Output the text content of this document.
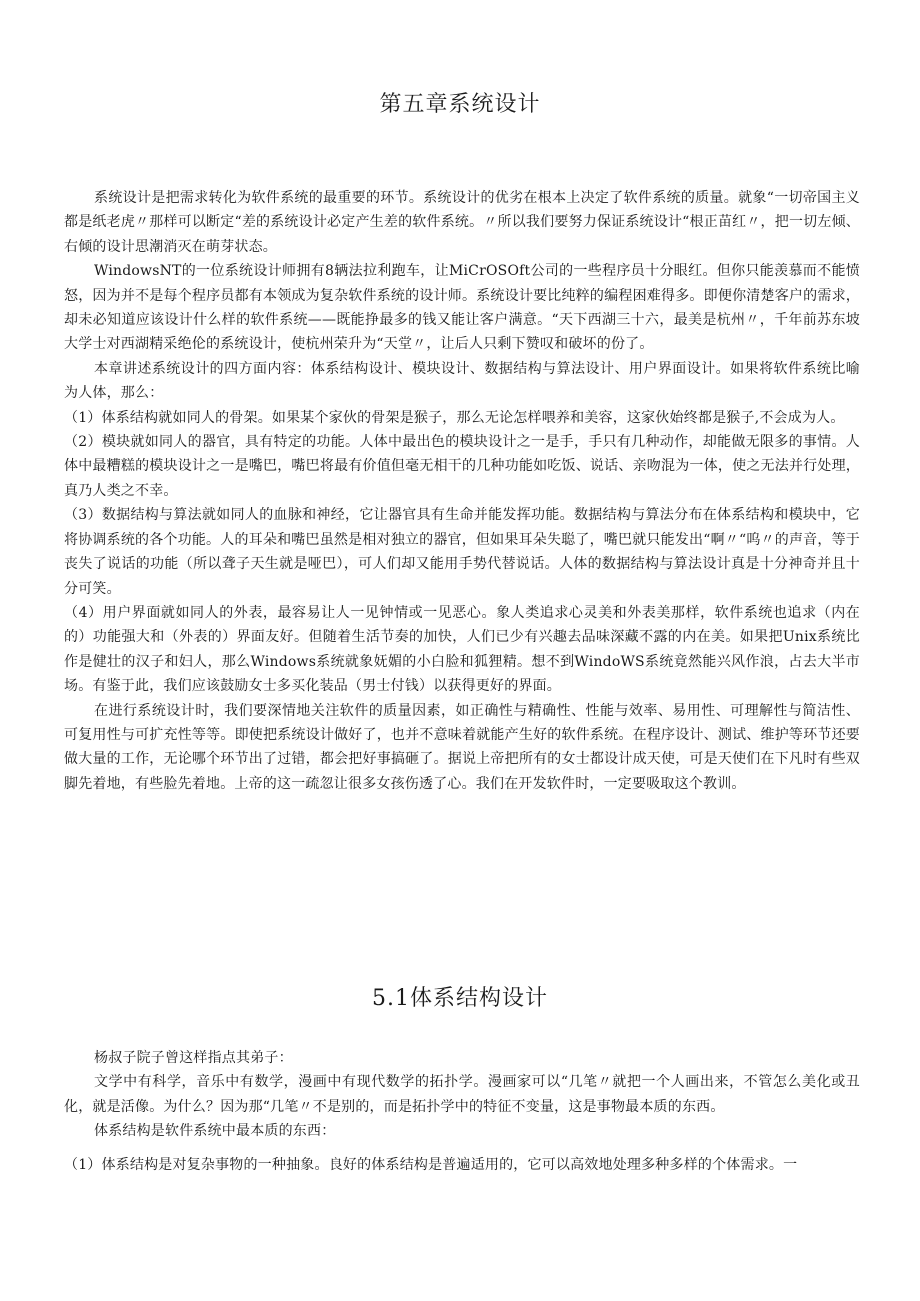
第五章系统设计

系统设计是把需求转化为软件系统的最重要的环节。系统设计的优劣在根本上决定了软件系统的质量。就象“一切帝国主义都是纸老虎〃那样可以断定“差的系统设计必定产生差的软件系统。〃所以我们要努力保证系统设计“根正苗红〃，把一切左倾、右倾的设计思潮消灭在萌芽状态。

WindowsNT的一位系统设计师拥有8辆法拉利跑车，让MiCrOSOft公司的一些程序员十分眼红。但你只能羡慕而不能愤怒，因为并不是每个程序员都有本领成为复杂软件系统的设计师。系统设计要比纯粹的编程困难得多。即便你清楚客户的需求，却未必知道应该设计什么样的软件系统——既能挣最多的钱又能让客户满意。“天下西湖三十六，最美是杭州〃，千年前苏东坡大学士对西湖精采绝伦的系统设计，使杭州荣升为“天堂〃，让后人只剩下赞叹和破坏的份了。

本章讲述系统设计的四方面内容：体系结构设计、模块设计、数据结构与算法设计、用户界面设计。如果将软件系统比喻为人体，那么：

（1）体系结构就如同人的骨架。如果某个家伙的骨架是猴子，那么无论怎样喂养和美容，这家伙始终都是猴子,不会成为人。

（2）模块就如同人的器官，具有特定的功能。人体中最出色的模块设计之一是手，手只有几种动作，却能做无限多的事情。人体中最糟糕的模块设计之一是嘴巴，嘴巴将最有价值但毫无相干的几种功能如吃饭、说话、亲吻混为一体，使之无法并行处理，真乃人类之不幸。

（3）数据结构与算法就如同人的血脉和神经，它让器官具有生命并能发挥功能。数据结构与算法分布在体系结构和模块中，它将协调系统的各个功能。人的耳朵和嘴巴虽然是相对独立的器官，但如果耳朵失聪了，嘴巴就只能发出“啊〃“呜〃的声音，等于丧失了说话的功能（所以聋子天生就是哑巴），可人们却又能用手势代替说话。人体的数据结构与算法设计真是十分神奇并且十分可笑。

（4）用户界面就如同人的外表，最容易让人一见钟情或一见恶心。象人类追求心灵美和外表美那样，软件系统也追求（内在的）功能强大和（外表的）界面友好。但随着生活节奏的加快，人们已少有兴趣去品味深藏不露的内在美。如果把Unix系统比作是健壮的汉子和妇人，那么Windows系统就象妩媚的小白脸和狐狸精。想不到WindoWS系统竟然能兴风作浪，占去大半市场。有鉴于此，我们应该鼓励女士多买化装品（男士付钱）以获得更好的界面。

在进行系统设计时，我们要深情地关注软件的质量因素，如正确性与精确性、性能与效率、易用性、可理解性与简洁性、可复用性与可扩充性等等。即使把系统设计做好了，也并不意味着就能产生好的软件系统。在程序设计、测试、维护等环节还要做大量的工作，无论哪个环节出了过错，都会把好事搞砸了。据说上帝把所有的女士都设计成天使，可是天使们在下凡时有些双脚先着地，有些脸先着地。上帝的这一疏忽让很多女孩伤透了心。我们在开发软件时，一定要吸取这个教训。

5.1体系结构设计

杨叔子院子曾这样指点其弟子：

文学中有科学，音乐中有数学，漫画中有现代数学的拓扑学。漫画家可以“几笔〃就把一个人画出来，不管怎么美化或丑化，就是活像。为什么？因为那“几笔〃不是别的，而是拓扑学中的特征不变量，这是事物最本质的东西。

体系结构是软件系统中最本质的东西：

（1）体系结构是对复杂事物的一种抽象。良好的体系结构是普遍适用的，它可以高效地处理多种多样的个体需求。一
